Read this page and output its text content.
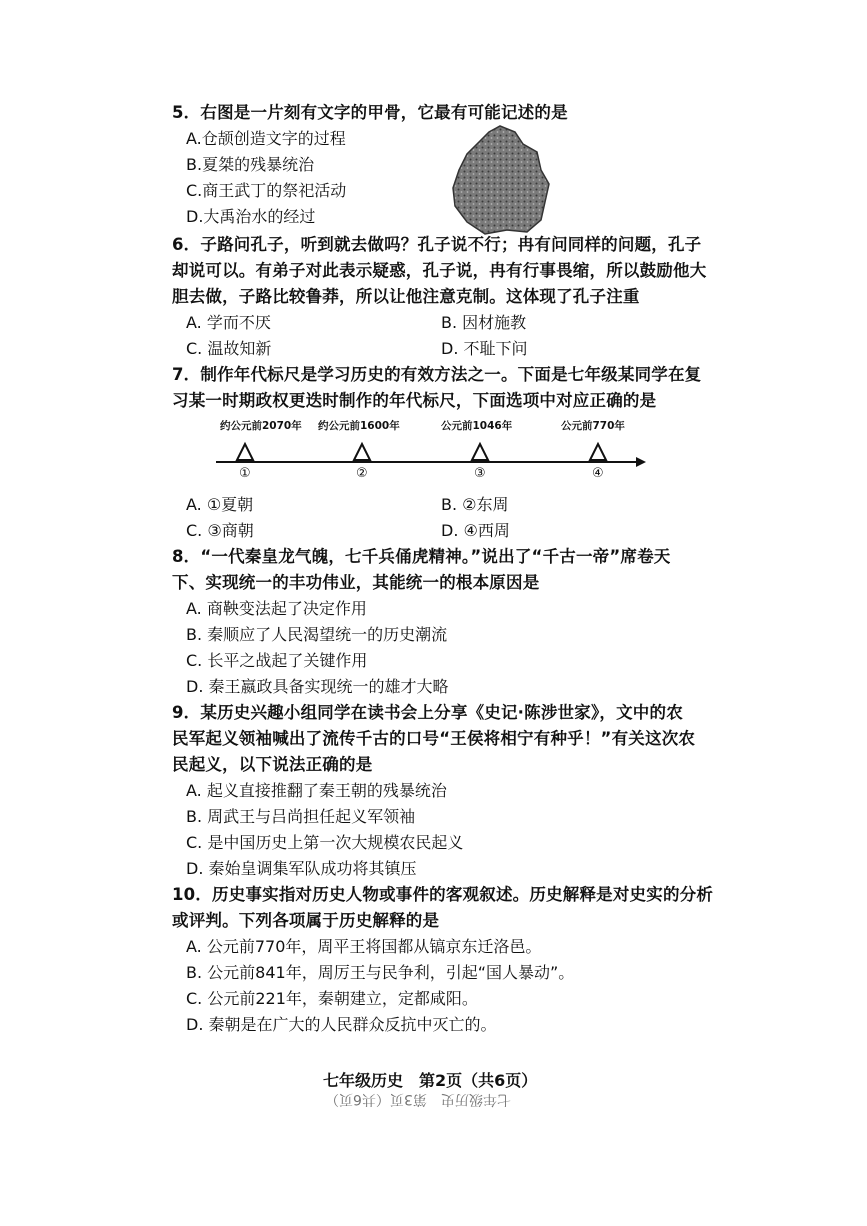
5．右图是一片刻有文字的甲骨，它最有可能记述的是
A.仓颉创造文字的过程
B.夏桀的残暴统治
C.商王武丁的祭祀活动
D.大禹治水的经过
6．子路问孔子，听到就去做吗？孔子说不行；冉有问同样的问题，孔子
却说可以。有弟子对此表示疑惑，孔子说，冉有行事畏缩，所以鼓励他大
胆去做，子路比较鲁莽，所以让他注意克制。这体现了孔子注重
A. 学而不厌	B. 因材施教
C. 温故知新	D. 不耻下问
7．制作年代标尺是学习历史的有效方法之一。下面是七年级某同学在复
习某一时期政权更迭时制作的年代标尺，下面选项中对应正确的是
约公元前2070年 约公元前1600年	公元前1046年	公元前770年
①	②	③	④
A. ①夏朝	B. ②东周
C. ③商朝	D. ④西周
8．“一代秦皇龙气魄，七千兵俑虎精神。”说出了“千古一帝”席卷天
下、实现统一的丰功伟业，其能统一的根本原因是
A. 商鞅变法起了决定作用
B. 秦顺应了人民渴望统一的历史潮流
C. 长平之战起了关键作用
D. 秦王嬴政具备实现统一的雄才大略
9．某历史兴趣小组同学在读书会上分享《史记·陈涉世家》，文中的农
民军起义领袖喊出了流传千古的口号“王侯将相宁有种乎！”有关这次农
民起义，以下说法正确的是
A. 起义直接推翻了秦王朝的残暴统治
B. 周武王与吕尚担任起义军领袖
C. 是中国历史上第一次大规模农民起义
D. 秦始皇调集军队成功将其镇压
10．历史事实指对历史人物或事件的客观叙述。历史解释是对史实的分析
或评判。下列各项属于历史解释的是
A. 公元前770年，周平王将国都从镐京东迁洛邑。
B. 公元前841年，周厉王与民争利，引起“国人暴动”。
C. 公元前221年，秦朝建立，定都咸阳。
D. 秦朝是在广大的人民群众反抗中灭亡的。
七年级历史　第2页（共6页）
七年级历史　第3页（共6页）
